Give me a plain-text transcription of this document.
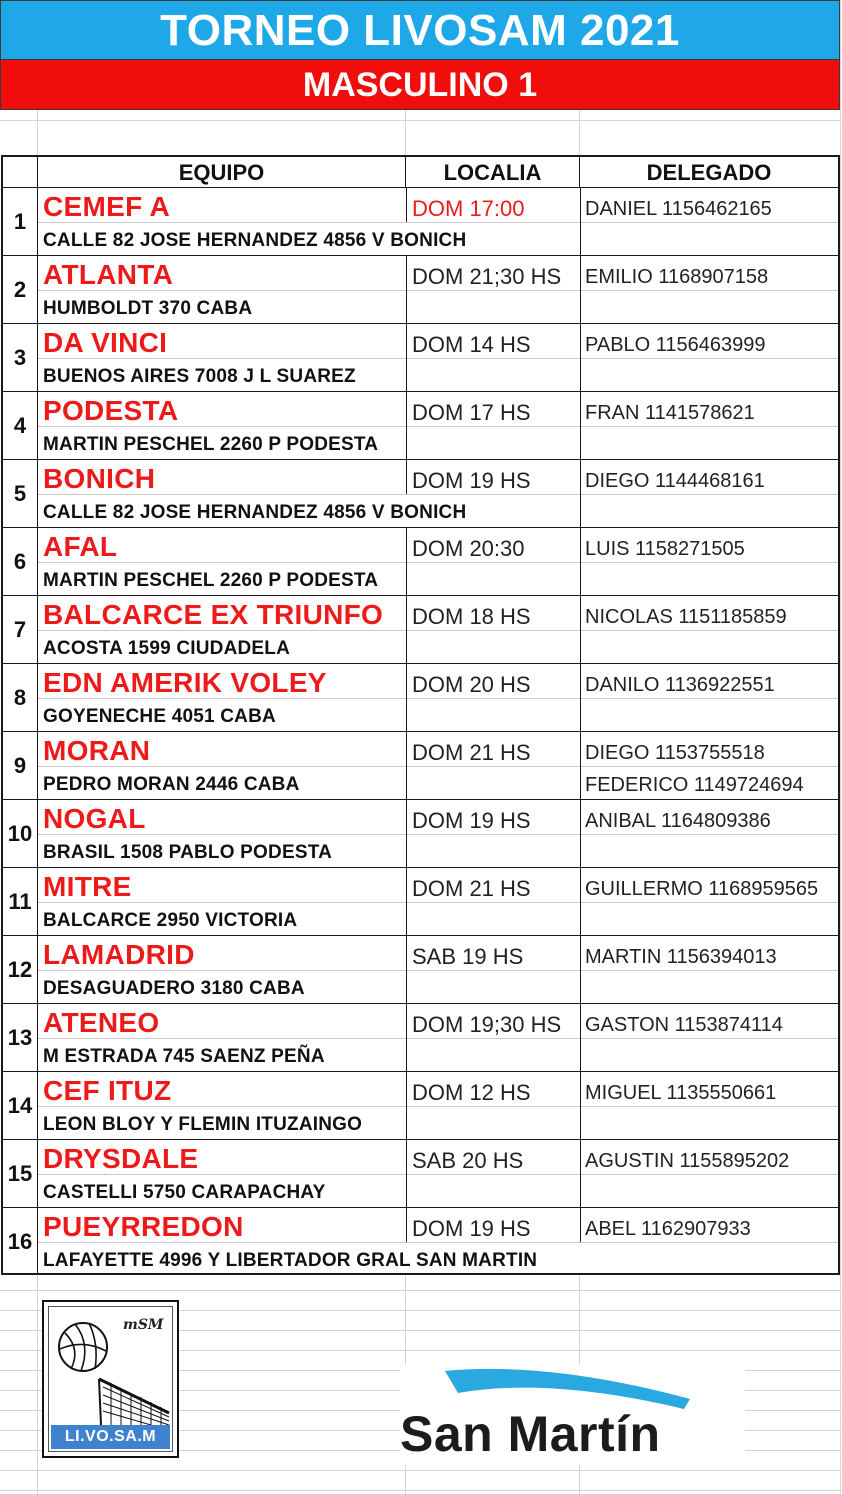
TORNEO LIVOSAM 2021
MASCULINO 1
EQUIPO	LOCALIA	DELEGADO
1 CEMEF A
CALLE 82 JOSE HERNANDEZ 4856 V BONICH
DOM 17:00	DANIEL 1156462165
2 ATLANTA
HUMBOLDT 370 CABA
DOM 21;30 HS EMILIO 1168907158
3 DA VINCI
BUENOS AIRES 7008 J L SUAREZ
DOM 14 HS	PABLO 1156463999
4 PODESTA
MARTIN PESCHEL 2260 P PODESTA
DOM 17 HS	FRAN 1141578621
5 BONICH
CALLE 82 JOSE HERNANDEZ 4856 V BONICH
DOM 19 HS	DIEGO 1144468161
6 AFAL
MARTIN PESCHEL 2260 P PODESTA
DOM 20:30	LUIS 1158271505
7 BALCARCE EX TRIUNFO
ACOSTA 1599 CIUDADELA
DOM 18 HS	NICOLAS 1151185859
8 EDN AMERIK VOLEY
GOYENECHE 4051 CABA
DOM 20 HS	DANILO 1136922551
9 MORAN
PEDRO MORAN 2446 CABA
DOM 21 HS	DIEGO 1153755518
FEDERICO 1149724694
10 NOGAL
BRASIL 1508 PABLO PODESTA
DOM 19 HS	ANIBAL 1164809386
11 MITRE
BALCARCE 2950 VICTORIA
DOM 21 HS	GUILLERMO 1168959565
12 LAMADRID
DESAGUADERO 3180 CABA
SAB 19 HS	MARTIN 1156394013
13 ATENEO
M ESTRADA 745 SAENZ PEÑA
DOM 19;30 HS GASTON 1153874114
14 CEF ITUZ
LEON BLOY Y FLEMIN ITUZAINGO
DOM 12 HS	MIGUEL 1135550661
15 DRYSDALE
CASTELLI 5750 CARAPACHAY
SAB 20 HS	AGUSTIN 1155895202
16 PUEYRREDON
LAFAYETTE 4996 Y LIBERTADOR GRAL SAN MARTIN
DOM 19 HS	ABEL 1162907933
mSM
LI.VO.SA.M	San Martín
